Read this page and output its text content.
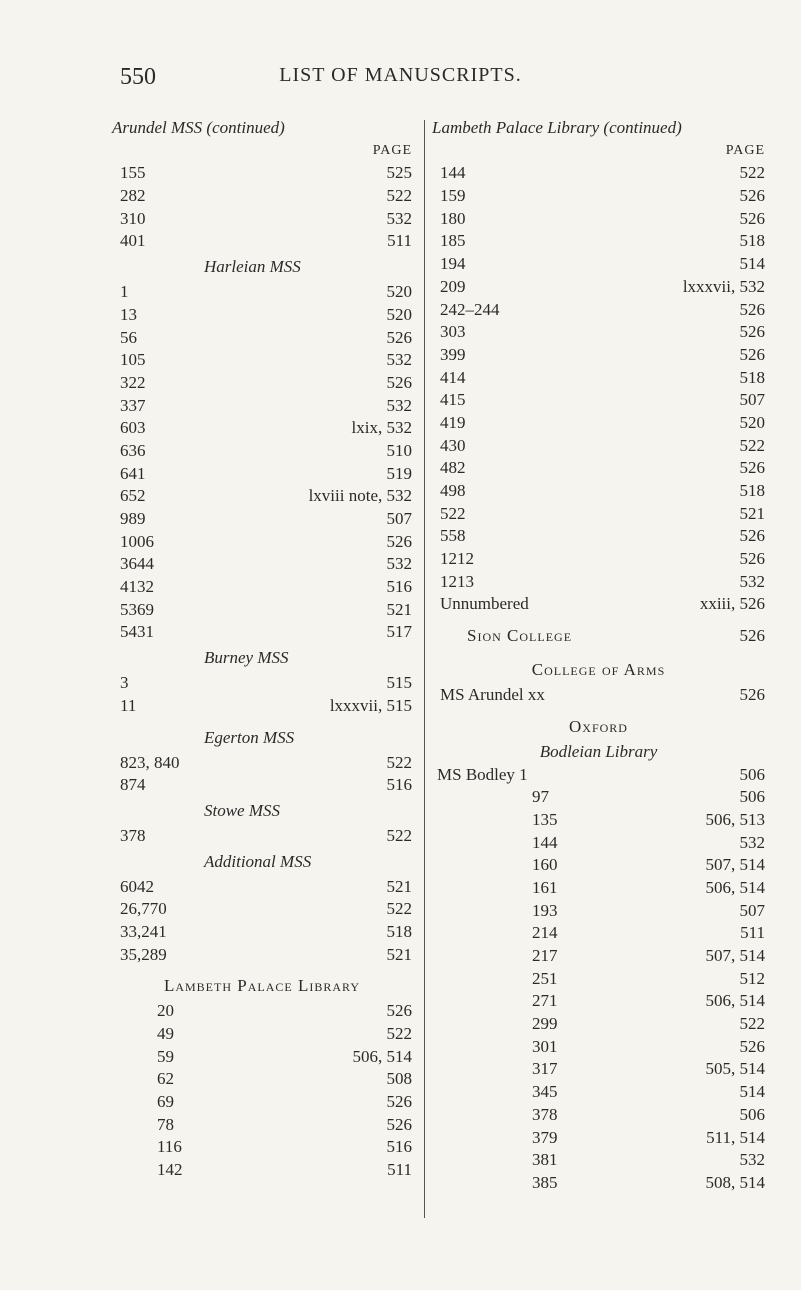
550	LIST OF MANUSCRIPTS.
Arundel MSS (continued)
PAGE
155	525
282	522
310	532
401	511
Harleian MSS
1	520
13	520
56	526
105	532
322	526
337	532
603	lxix, 532
636	510
641	519
652	lxviii note, 532
989	507
1006	526
3644	532
4132	516
5369	521
5431	517
Burney MSS
3	515
11	lxxxvii, 515
Egerton MSS
823, 840	522
874	516
Stowe MSS
378	522
Additional MSS
6042	521
26,770	522
33,241	518
35,289	521
Lambeth Palace Library
20	526
49	522
59	506, 514
62	508
69	526
78	526
116	516
142	511
Lambeth Palace Library (continued)
PAGE
144	522
159	526
180	526
185	518
194	514
209	lxxxvii, 532
242–244	526
303	526
399	526
414	518
415	507
419	520
430	522
482	526
498	518
522	521
558	526
1212	526
1213	532
Unnumbered	xxiii, 526
Sion College	526
College of Arms
MS Arundel xx	526
Oxford
Bodleian Library
MS Bodley 1	506
97	506
135	506, 513
144	532
160	507, 514
161	506, 514
193	507
214	511
217	507, 514
251	512
271	506, 514
299	522
301	526
317	505, 514
345	514
378	506
379	511, 514
381	532
385	508, 514
